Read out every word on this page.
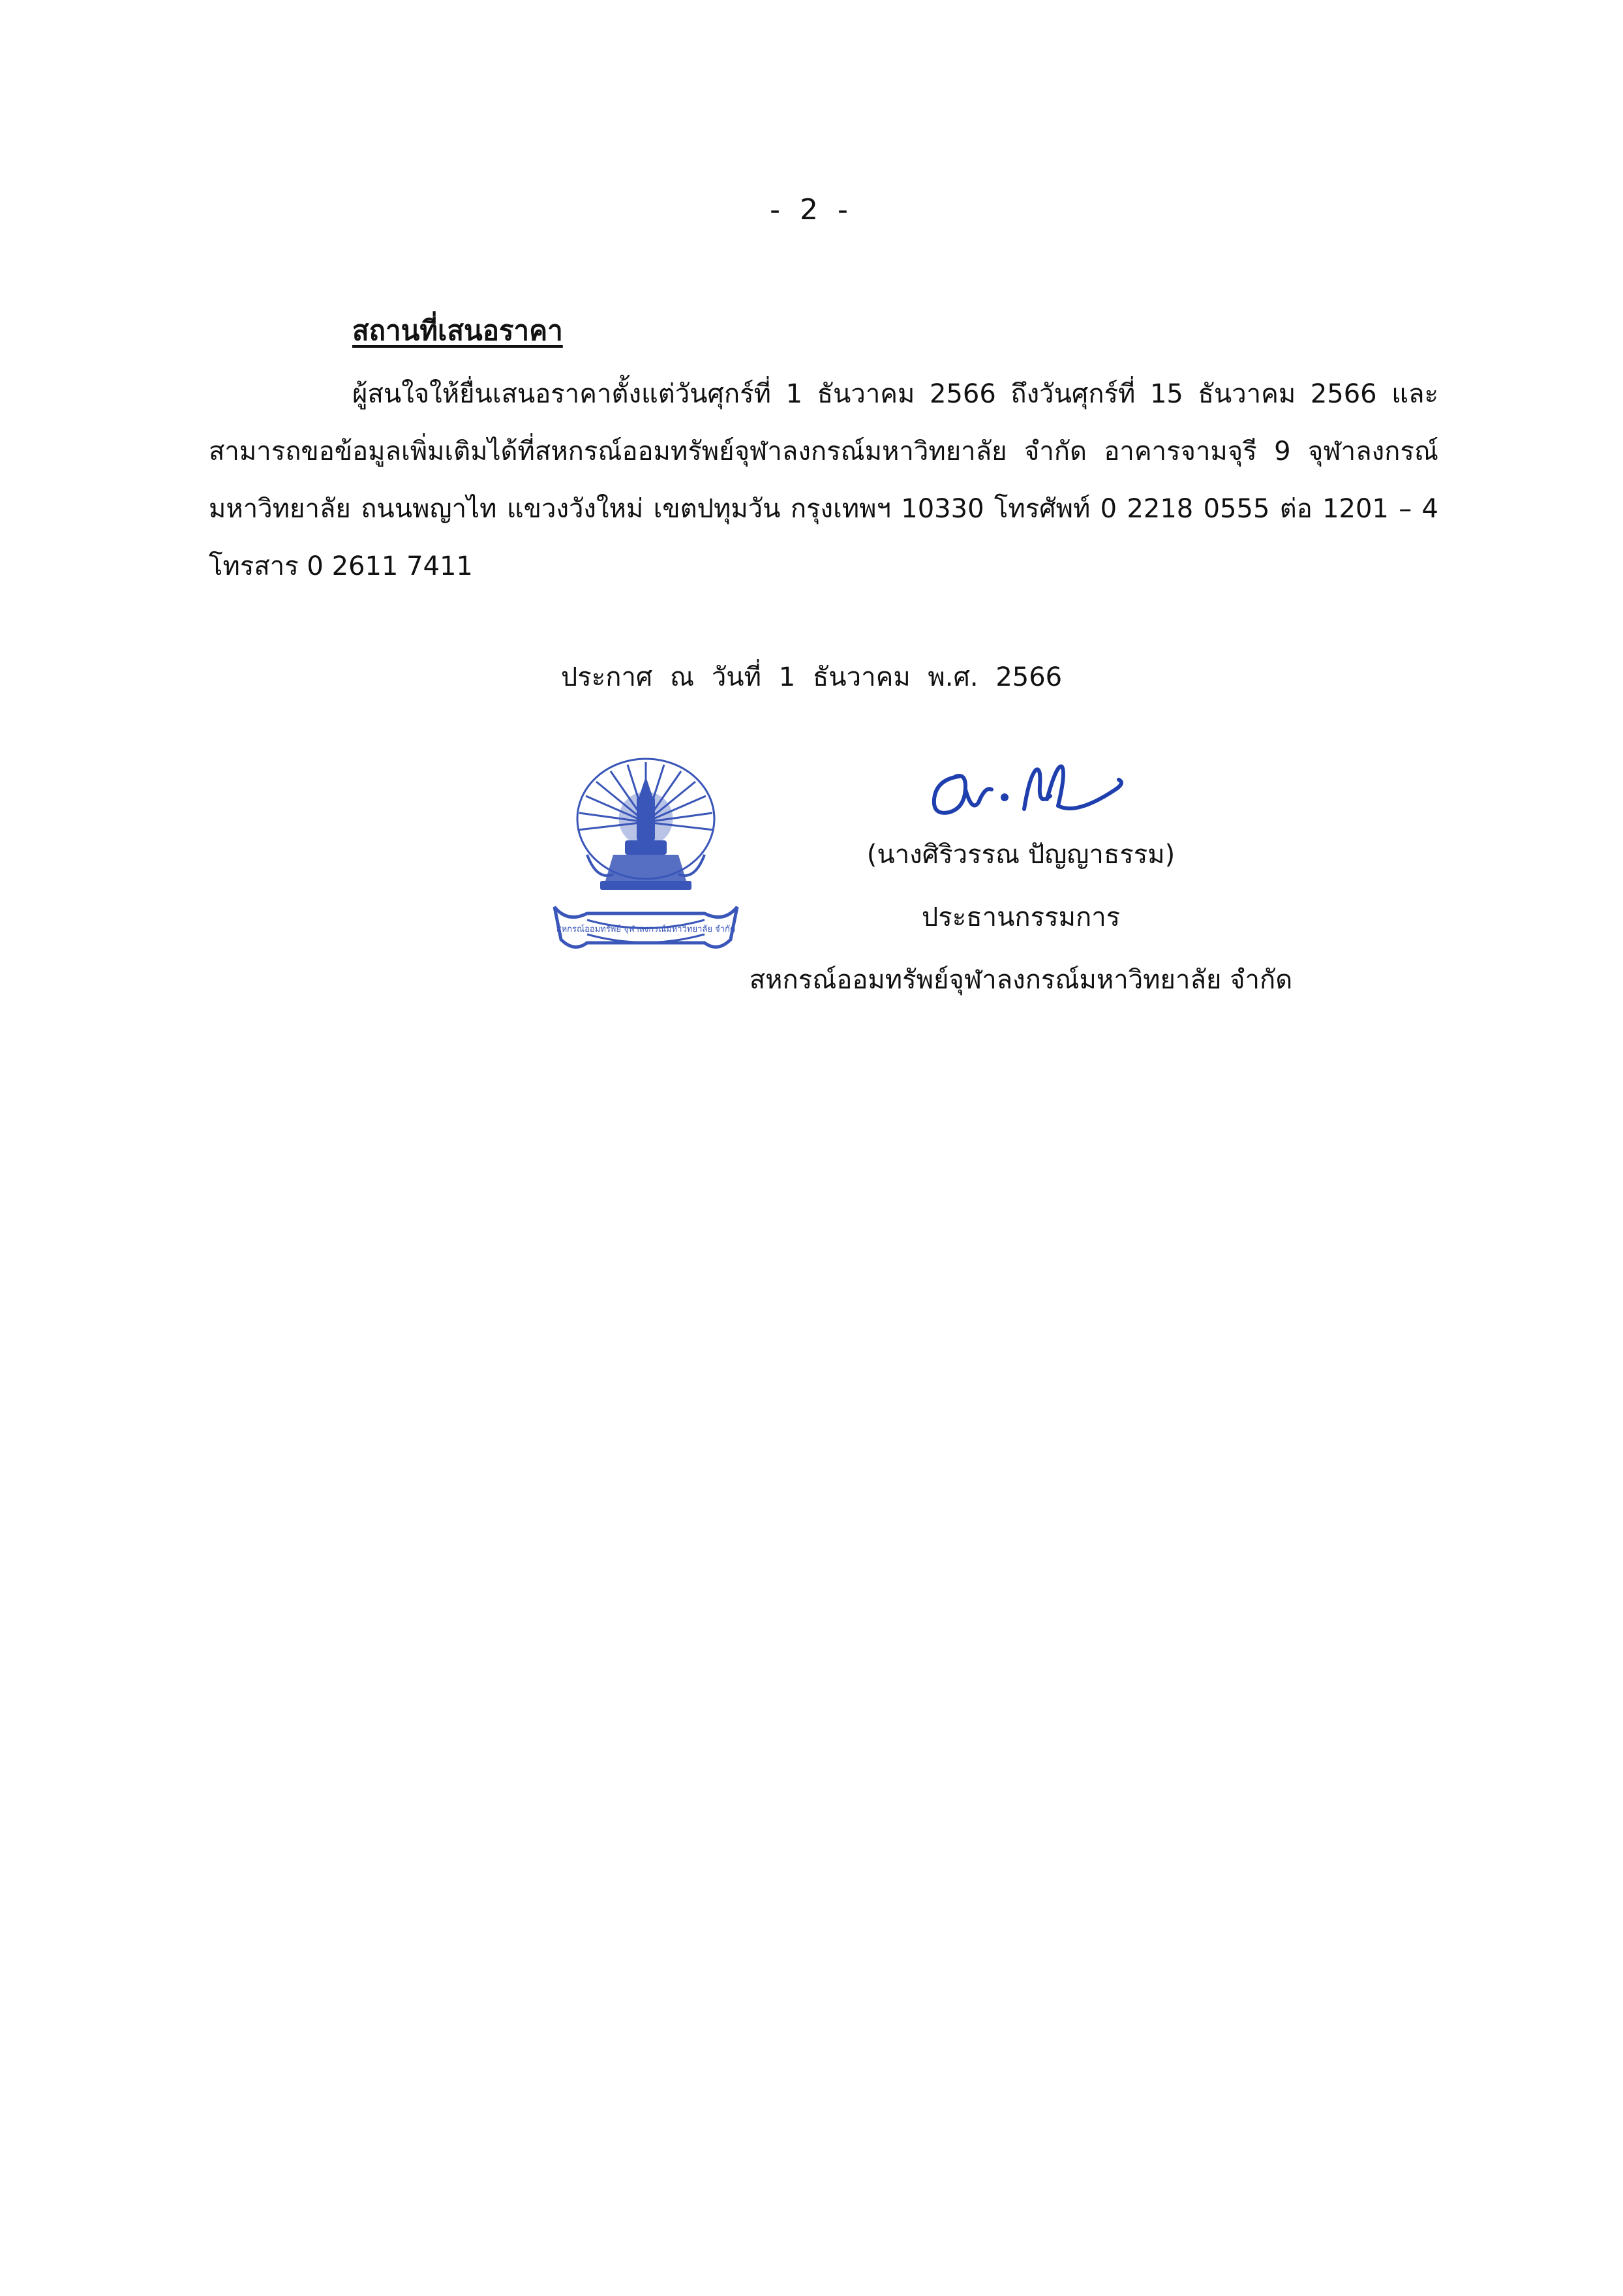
- 2 -
สถานที่เสนอราคา

ผู้สนใจให้ยื่นเสนอราคาตั้งแต่วันศุกร์ที่ 1 ธันวาคม 2566 ถึงวันศุกร์ที่ 15 ธันวาคม 2566 และสามารถขอข้อมูลเพิ่มเติมได้ที่สหกรณ์ออมทรัพย์จุฬาลงกรณ์มหาวิทยาลัย จำกัด อาคารจามจุรี 9 จุฬาลงกรณ์มหาวิทยาลัย ถนนพญาไท แขวงวังใหม่ เขตปทุมวัน กรุงเทพฯ 10330 โทรศัพท์ 0 2218 0555 ต่อ 1201 – 4 โทรสาร 0 2611 7411

ประกาศ ณ วันที่ 1 ธันวาคม พ.ศ. 2566
สหกรณ์ออมทรัพย์ จุฬาลงกรณ์มหาวิทยาลัย จำกัด
(นางศิริวรรณ ปัญญาธรรม)
ประธานกรรมการ
สหกรณ์ออมทรัพย์จุฬาลงกรณ์มหาวิทยาลัย จำกัด
